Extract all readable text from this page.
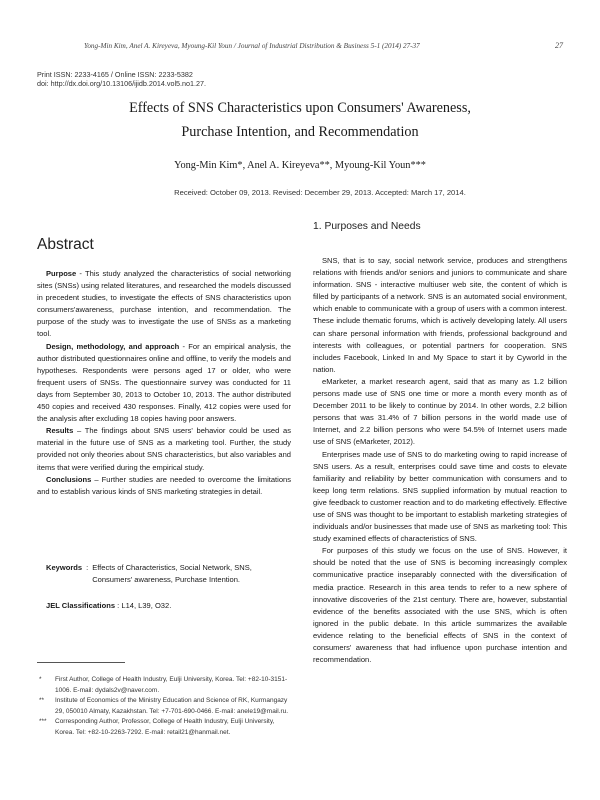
Yong-Min Kim, Anel A. Kireyeva, Myoung-Kil Youn / Journal of Industrial Distribution & Business 5-1 (2014) 27-37	27
Print ISSN: 2233-4165 / Online ISSN: 2233-5382
doi: http://dx.doi.org/10.13106/ijidb.2014.vol5.no1.27.
Effects of SNS Characteristics upon Consumers' Awareness,
Purchase Intention, and Recommendation
Yong-Min Kim*, Anel A. Kireyeva**, Myoung-Kil Youn***
Received: October 09, 2013. Revised: December 29, 2013. Accepted: March 17, 2014.
Abstract

Purpose - This study analyzed the characteristics of social networking sites (SNSs) using related literatures, and researched the models discussed in precedent studies, to investigate the effects of SNS characteristics upon consumers'awareness, purchase intention, and recommendation. The purpose of the study was to investigate the use of SNSs as a marketing tool.

Design, methodology, and approach - For an empirical analysis, the author distributed questionnaires online and offline, to verify the models and hypotheses. Respondents were persons aged 17 or older, who were frequent users of SNSs. The questionnaire survey was conducted for 11 days from September 30, 2013 to October 10, 2013. The author distributed 450 copies and received 430 responses. Finally, 412 copies were used for the analysis after excluding 18 copies having poor answers.

Results – The findings about SNS users' behavior could be used as material in the future use of SNS as a marketing tool. Further, the study provided not only theories about SNS characteristics, but also variables and items that were verified during the empirical study.

Conclusions – Further studies are needed to overcome the limitations and to establish various kinds of SNS marketing strategies in detail.

Keywords : Effects of Characteristics, Social Network, SNS, Consumers' awareness, Purchase Intention.
JEL Classifications : L14, L39, O32.
*	First Author, College of Health Industry, Eulji University, Korea. Tel: +82-10-3151-1006. E-mail: dydals2v@naver.com.
**	Institute of Economics of the Ministry Education and Science of RK, Kurmangazy 29, 050010 Almaty, Kazakhstan. Tel: +7-701-690-0466. E-mail: anele19@mail.ru.
***	Corresponding Author, Professor, College of Health Industry, Eulji University, Korea. Tel: +82-10-2263-7292. E-mail: retail21@hanmail.net.
1. Purposes and Needs

SNS, that is to say, social network service, produces and strengthens relations with friends and/or seniors and juniors to communicate and share information. SNS - interactive multiuser web site, the content of which is filled by participants of a network. SNS is an automated social environment, which enable to communicate with a group of users with a common interest. These include thematic forums, which is actively developing lately. All users can share personal information with friends, professional background and interests with colleagues, or potential partners for cooperation. SNS includes Facebook, Linked In and My Space to start it by Cyworld in the nation.

eMarketer, a market research agent, said that as many as 1.2 billion persons made use of SNS one time or more a month every month as of December 2011 to be likely to continue by 2014. In other words, 2.2 billion persons that was 31.4% of 7 billion persons in the world made use of Internet, and 2.2 billion persons who were 54.5% of Internet users made use of SNS (eMarketer, 2012).

Enterprises made use of SNS to do marketing owing to rapid increase of SNS users. As a result, enterprises could save time and costs to elevate familiarity and reliability by better communication with consumers and to keep long term relations. SNS supplied information by mutual reaction to give feedback to customer reaction and to do marketing effectively. Effective use of SNS was thought to be important to establish marketing strategies of individuals and/or businesses that made use of SNS as marketing tool: This study examined effects of characteristics of SNS.

For purposes of this study we focus on the use of SNS. However, it should be noted that the use of SNS is becoming increasingly complex communicative practice inseparably connected with the diversification of media practice. Research in this area tends to refer to a new sphere of innovative discoveries of the 21st century. There are, however, substantial evidence of the benefits associated with the use SNS, which is often ignored in the public debate. In this article summarizes the available evidence relating to the beneficial effects of SNS in the context of consumers' awareness that had influence upon purchase intention and recommendation.
